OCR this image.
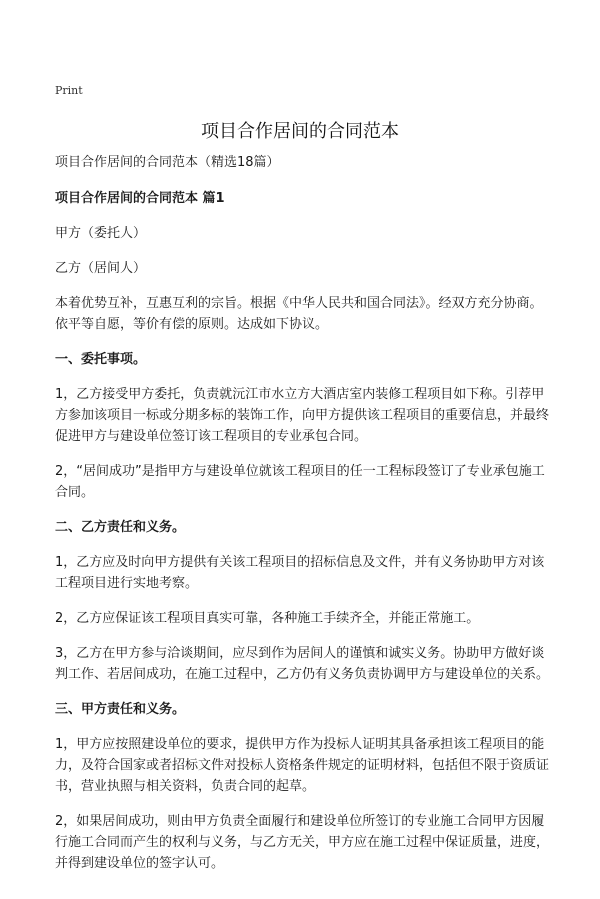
Print
项目合作居间的合同范本

项目合作居间的合同范本（精选18篇）

项目合作居间的合同范本 篇1

甲方（委托人）

乙方（居间人）

本着优势互补，互惠互利的宗旨。根据《中华人民共和国合同法》。经双方充分协商。依平等自愿，等价有偿的原则。达成如下协议。

一、委托事项。

1，乙方接受甲方委托，负责就沅江市水立方大酒店室内装修工程项目如下称。引荐甲方参加该项目一标或分期多标的装饰工作，向甲方提供该工程项目的重要信息，并最终促进甲方与建设单位签订该工程项目的专业承包合同。

2，“居间成功”是指甲方与建设单位就该工程项目的任一工程标段签订了专业承包施工合同。

二、乙方责任和义务。

1，乙方应及时向甲方提供有关该工程项目的招标信息及文件，并有义务协助甲方对该工程项目进行实地考察。

2，乙方应保证该工程项目真实可靠，各种施工手续齐全，并能正常施工。

3，乙方在甲方参与洽谈期间，应尽到作为居间人的谨慎和诚实义务。协助甲方做好谈判工作、若居间成功，在施工过程中，乙方仍有义务负责协调甲方与建设单位的关系。

三、甲方责任和义务。

1，甲方应按照建设单位的要求，提供甲方作为投标人证明其具备承担该工程项目的能力，及符合国家或者招标文件对投标人资格条件规定的证明材料，包括但不限于资质证书，营业执照与相关资料，负责合同的起草。

2，如果居间成功，则由甲方负责全面履行和建设单位所签订的专业施工合同甲方因履行施工合同而产生的权利与义务，与乙方无关，甲方应在施工过程中保证质量，进度，并得到建设单位的签字认可。
